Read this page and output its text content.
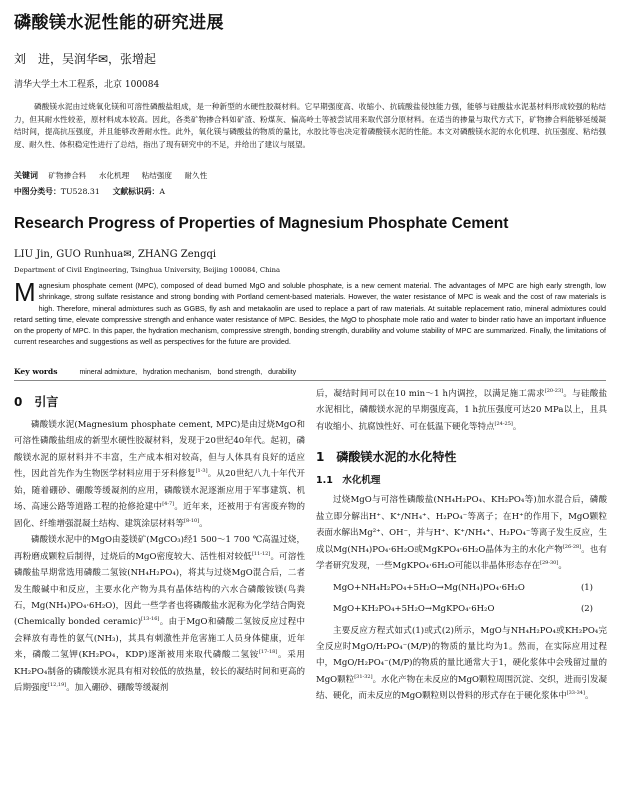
磷酸镁水泥性能的研究进展
刘　进，吴润华✉，张增起
清华大学土木工程系，北京 100084
磷酸镁水泥由过烧氧化镁和可溶性磷酸盐组成，是一种新型的水硬性胶凝材料。它早期强度高、收缩小、抗硫酸盐侵蚀能力强，能够与硅酸盐水泥基材料形成较强的粘结力，但其耐水性较差，原材料成本较高。因此，各类矿物掺合料如矿渣、粉煤灰、偏高岭土等被尝试用来取代部分原材料。在适当的掺量与取代方式下，矿物掺合料能够延缓凝结时间，提高抗压强度，并且能够改善耐水性。此外，氧化镁与磷酸盐的物质的量比，水胶比等也决定着磷酸镁水泥的性能。本文对磷酸镁水泥的水化机理、抗压强度、粘结强度、耐久性、体积稳定性进行了总结，指出了现有研究中的不足，并给出了建议与展望。
关键词 矿物掺合料 水化机理 粘结强度 耐久性
中图分类号：TU528.31 文献标识码：A
Research Progress of Properties of Magnesium Phosphate Cement
LIU Jin, GUO Runhua✉, ZHANG Zengqi
Department of Civil Engineering, Tsinghua University, Beijing 100084, China
Magnesium phosphate cement (MPC), composed of dead burned MgO and soluble phosphate, is a new cement material. The advantages of MPC are high early strength, low shrinkage, strong sulfate resistance and strong bonding with Portland cement-based materials. However, the water resistance of MPC is weak and the cost of raw materials is high. Therefore, mineral admixtures such as GGBS, fly ash and metakaolin are used to replace a part of raw materials. At suitable replacement ratio, mineral admixtures could retard setting time, elevate compressive strength and enhance water resistance of MPC. Besides, the MgO to phosphate mole ratio and water to binder ratio have an important influence on the property of MPC. In this paper, the hydration mechanism, compressive strength, bonding strength, durability and volume stability of MPC are summarized. Finally, the limitations of current researches and suggestions as well as perspectives for the future are provided.
Key words	mineral admixture, hydration mechanism, bond strength, durability
0　引言

磷酸镁水泥(Magnesium phosphate cement, MPC)是由过烧MgO和可溶性磷酸盐组成的新型水硬性胶凝材料，发现于20世纪40年代。起初，磷酸镁水泥的原材料并不丰富，生产成本相对较高，但与人体具有良好的适应性，因此首先作为生物医学材料应用于牙科修复[1-3]。从20世纪八九十年代开始，随着硼砂、硼酸等缓凝剂的应用，磷酸镁水泥逐渐应用于军事建筑、机场、高速公路等道路工程的抢修抢建中[4-7]。近年来，还被用于有害废弃物的固化、纤维增强混凝土结构、建筑涂层材料等[8-10]。

磷酸镁水泥中的MgO由菱镁矿(MgCO₃)经1 500～1 700 ℃高温过烧，再粉磨成颗粒后制得，过烧后的MgO密度较大、活性相对较低[11-12]。可溶性磷酸盐早期常选用磷酸二氢铵(NH₄H₂PO₄)，将其与过烧MgO混合后，二者发生酸碱中和反应，主要水化产物为具有晶体结构的六水合磷酸铵镁(鸟粪石，Mg(NH₄)PO₄·6H₂O)，因此一些学者也将磷酸盐水泥称为化学结合陶瓷(Chemically bonded ceramic)[13-16]。由于MgO和磷酸二氢铵反应过程中会释放有毒性的氨气(NH₃)，其具有刺激性并危害施工人员身体健康，近年来，磷酸二氢钾(KH₂PO₄，KDP)逐渐被用来取代磷酸二氢铵[17-18]。采用KH₂PO₄制备的磷酸镁水泥具有相对较低的放热量，较长的凝结时间和更高的后期强度[12,19]。加入硼砂、硼酸等缓凝剂

后，凝结时间可以在10 min～1 h内调控，以满足施工需求[20-23]。与硅酸盐水泥相比，磷酸镁水泥的早期强度高，1 h抗压强度可达20 MPa以上，且具有收缩小、抗腐蚀性好、可在低温下硬化等特点[24-25]。

1　磷酸镁水泥的水化特性
1.1　水化机理

过烧MgO与可溶性磷酸盐(NH₄H₂PO₄、KH₂PO₄等)加水混合后，磷酸盐立即分解出H⁺、K⁺/NH₄⁺、H₂PO₄⁻等离子；在H⁺的作用下，MgO颗粒表面水解出Mg²⁺、OH⁻，并与H⁺、K⁺/NH₄⁺、H₂PO₄⁻等离子发生反应，生成以Mg(NH₄)PO₄·6H₂O或MgKPO₄·6H₂O晶体为主的水化产物[26-28]。也有学者研究发现，一些MgKPO₄·6H₂O可能以非晶体形态存在[29-30]。

MgO+NH₄H₂PO₄+5H₂O→Mg(NH₄)PO₄·6H₂O	(1)
MgO+KH₂PO₄+5H₂O→MgKPO₄·6H₂O	(2)

主要反应方程式如式(1)或式(2)所示，MgO与NH₄H₂PO₄或KH₂PO₄完全反应时MgO/H₂PO₄⁻(M/P)的物质的量比均为1。然而，在实际应用过程中，MgO/H₂PO₄⁻(M/P)的物质的量比通常大于1，硬化浆体中会残留过量的MgO颗粒[31-32]。水化产物在未反应的MgO颗粒周围沉淀、交织，进而引发凝结、硬化，而未反应的MgO颗粒则以骨料的形式存在于硬化浆体中[33-34]。
